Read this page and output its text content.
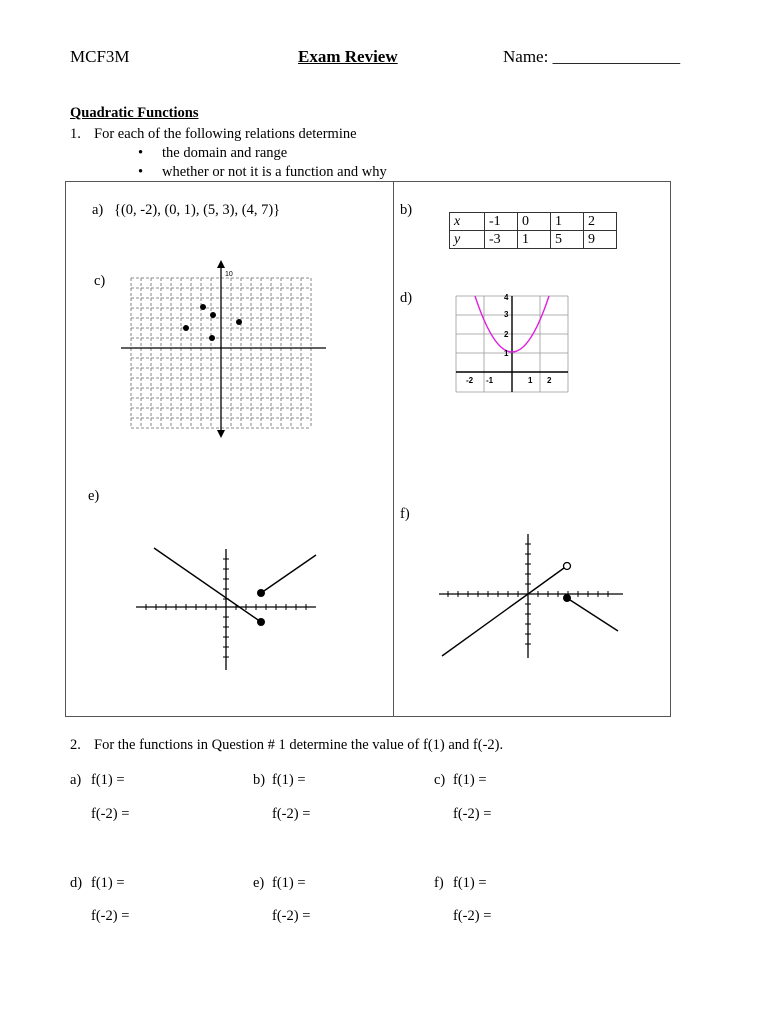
MCF3M	Exam Review	Name: _______________
Quadratic Functions
1. For each of the following relations determine
• the domain and range
• whether or not it is a function and why
a) {(0, -2), (0, 1), (5, 3), (4, 7)}	b)
x	-1	0	1	2
y	-3	1	5	9
c)	10
d)	4
3
2
1
-2 -1	1 2
e)
f)
2. For the functions in Question # 1 determine the value of f(1) and f(-2).
a) f(1) =
f(-2) =
b) f(1) =
f(-2) =
c) f(1) =
f(-2) =
d) f(1) =
f(-2) =
e) f(1) =
f(-2) =
f) f(1) =
f(-2) =
